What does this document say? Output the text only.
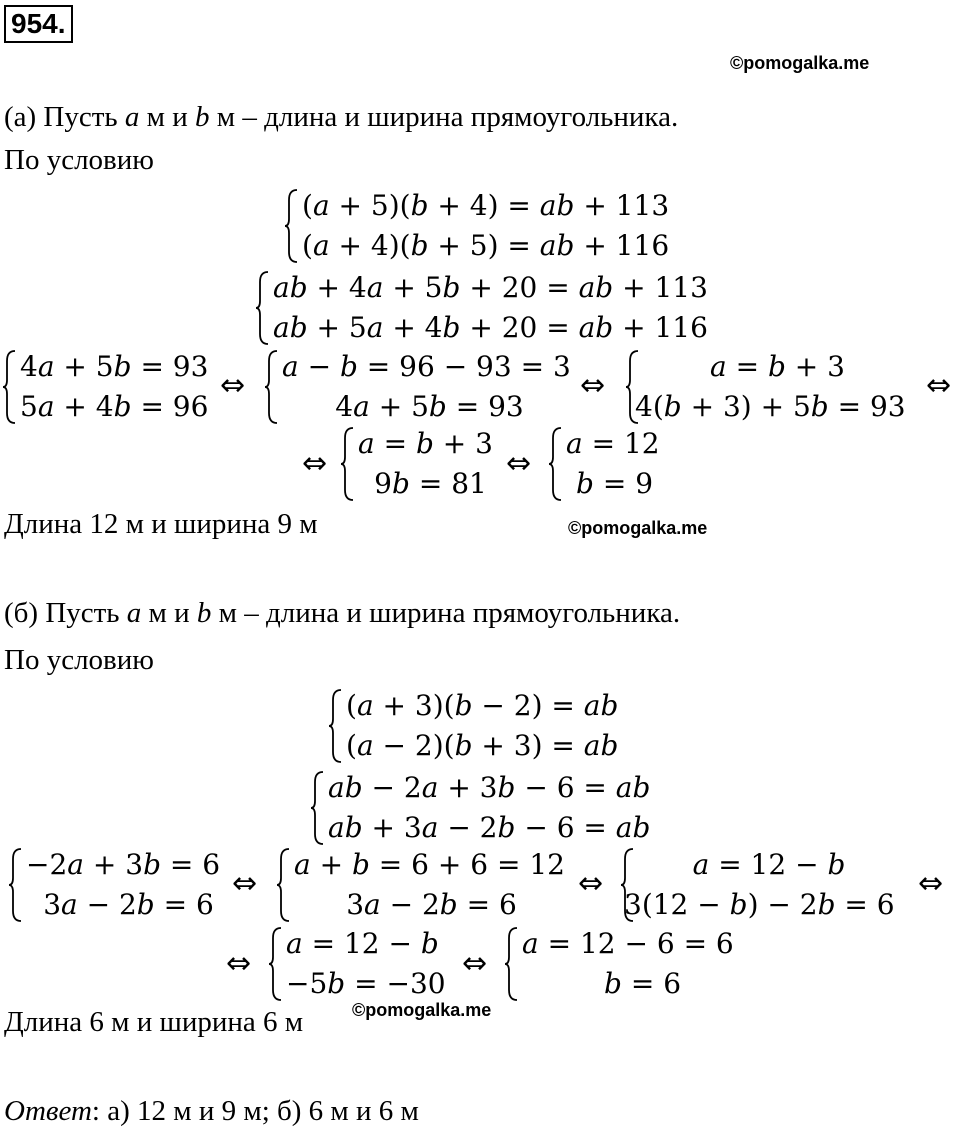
954.
©pomogalka.me
(а) Пусть a м и b м – длина и ширина прямоугольника.
По условию
(a + 5)(b + 4) = ab + 113
(a + 4)(b + 5) = ab + 116
ab + 4a + 5b + 20 = ab + 113
ab + 5a + 4b + 20 = ab + 116
4a + 5b = 93
5a + 4b = 96
⇔
a − b = 96 − 93 = 3
4a + 5b = 93
⇔
a = b + 3
4(b + 3) + 5b = 93
⇔
⇔
a = b + 3
9b = 81
⇔
a = 12
b = 9
Длина 12 м и ширина 9 м	©pomogalka.me
(б) Пусть a м и b м – длина и ширина прямоугольника.
По условию
(a + 3)(b − 2) = ab
(a − 2)(b + 3) = ab
ab − 2a + 3b − 6 = ab
ab + 3a − 2b − 6 = ab
−2a + 3b = 6
3a − 2b = 6
⇔
a + b = 6 + 6 = 12
3a − 2b = 6
⇔
a = 12 − b
3(12 − b) − 2b = 6
⇔
⇔
a = 12 − b
−5b = −30
⇔
a = 12 − 6 = 6
b = 6
Длина 6 м и ширина 6 м	©pomogalka.me
Ответ: а) 12 м и 9 м; б) 6 м и 6 м
